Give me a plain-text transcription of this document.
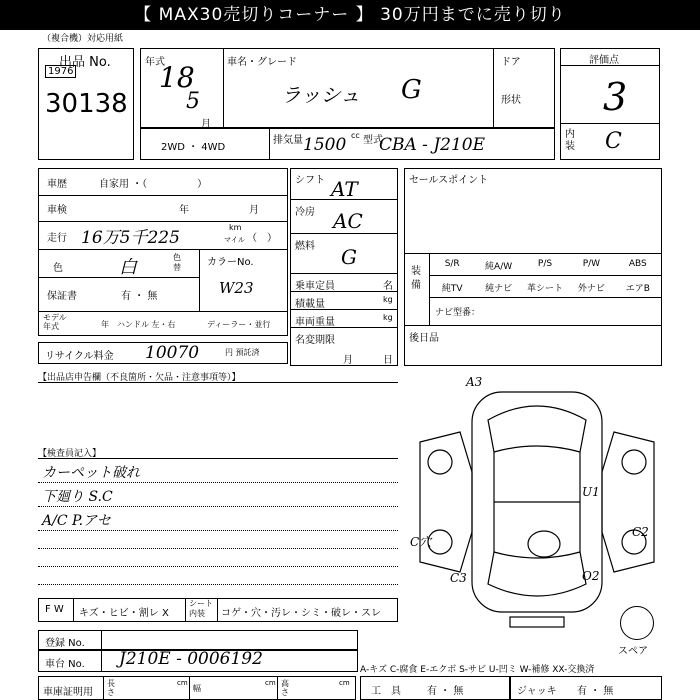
【 MAX30売切りコーナー 】 30万円までに売り切り
（複合機）対応用紙
出品 No.
1976
30138
年式
18
5
月
車名・グレード
ラッシュ G
ドア
形状
2WD ・ 4WD
排気量 1500 cc 型式
CBA - J210E
評価点
3
内装 C
車歴	自家用 ・（　　　　　）
車検	年	月
走行 16万5千225
km
マイル （　）
色	白	色替	カラーNo.
W23
保証書	有 ・ 無
モデル年式	年 ハンドル 左・右	ディーラー・並行
リサイクル料金 10070	円 預託済
シフト AT
冷房 AC
燃料 G
乗車定員	名
積載量	kg
車両重量	kg
名変期限
月	日
セールスポイント
装備
ナビ型番：
後日品
S/R	純A/W	P/S	P/W	ABS
純TV	純ナビ	革シート	外ナビ	エアB
【出品店申告欄（不良箇所・欠品・注意事項等）】
【検査員記入】
カーペット破れ
下廻り S.C
A/C P.アセ
A3
U1
C2
C穴
O2
C3
F W キズ・ヒビ・割レ X
シート内装	コゲ・穴・汚レ・シミ・破レ・スレ
登録 No.
車台 No. J210E - 0006192
A-キズ C-腐食 E-エクボ S-サビ U-凹ミ W-補修 XX-交換済
スペア
車庫証明用
長さ
cm
幅
cm 高さ
cm
工　具	有 ・ 無	ジャッキ 有 ・ 無
